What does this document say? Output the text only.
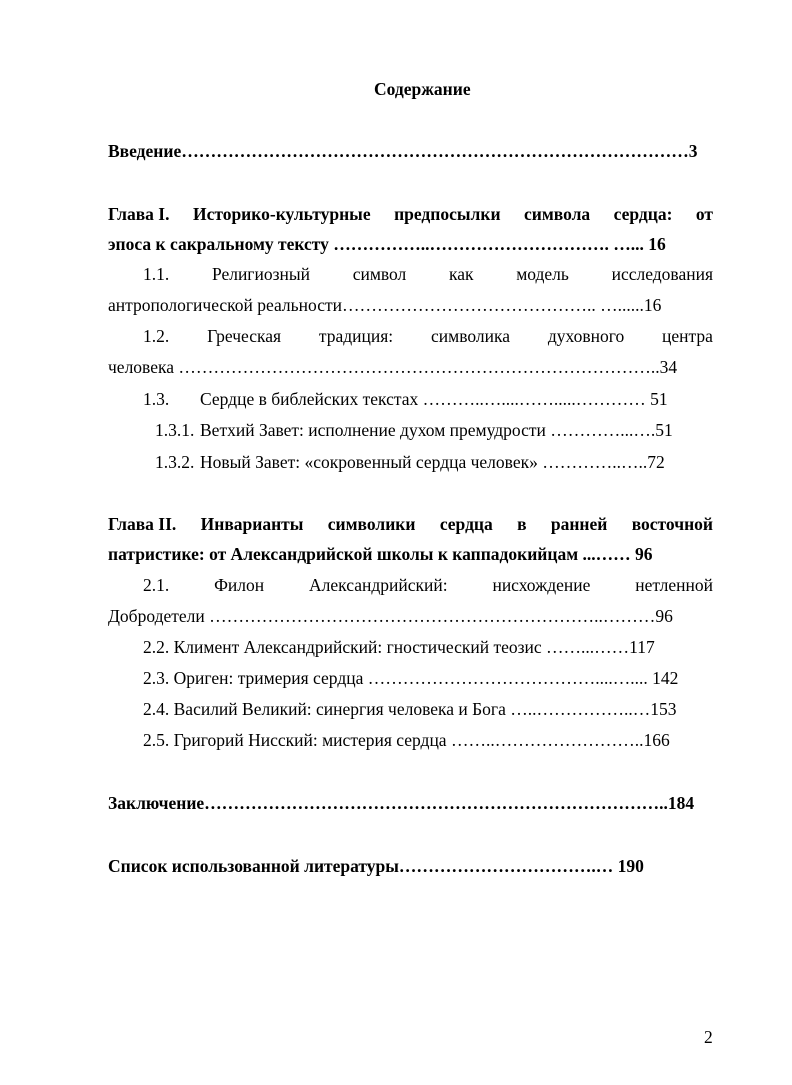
Содержание
Введение……………………………………………………………………………3
Глава I. Историко-культурные предпосылки символа сердца: от
эпоса к сакральному тексту ……………..…………………………. …... 16
1.1. Религиозный символ как модель исследования
антропологической реальности…………………………………….. …......16
1.2. Греческая традиция: символика духовного центра
человека ………………………………………………………………………..34
1.3. Сердце в библейских текстах ………..…....…….....………… 51
1.3.1. Ветхий Завет: исполнение духом премудрости …………...….51
1.3.2. Новый Завет: «сокровенный сердца человек» …………..…..72
Глава II. Инварианты символики сердца в ранней восточной
патристике: от Александрийской школы к каппадокийцам ...…… 96
2.1.	Филон	Александрийский:	нисхождение	нетленной
Добродетели …………………………………………………………..………96
2.2. Климент Александрийский: гностический теозис ……...……117
2.3. Ориген: тримерия сердца …………………………………....….... 142
2.4. Василий Великий: синергия человека и Бога …..……………..…153
2.5. Григорий Нисский: мистерия сердца ……..……………………..166
Заключение……………………………………………………………………..184
Список использованной литературы…………………………….… 190
2
